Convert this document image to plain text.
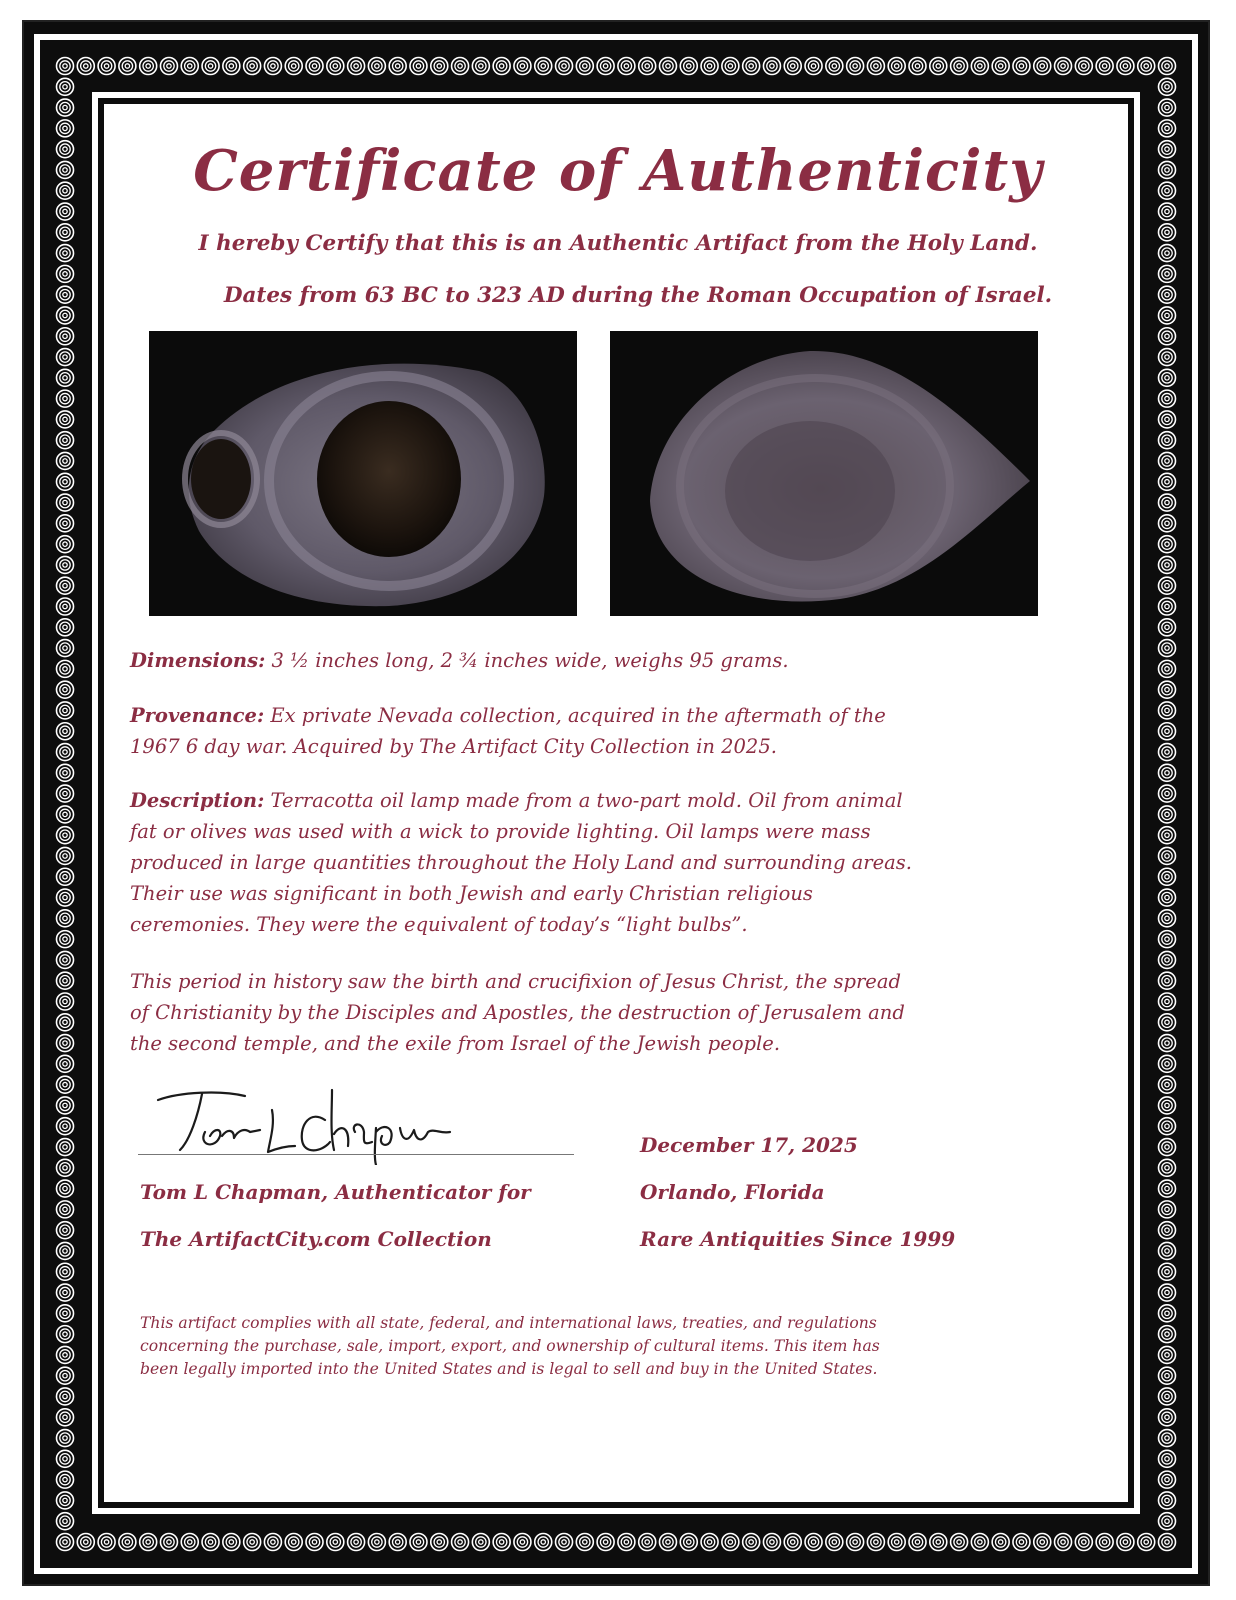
Certificate of Authenticity
I hereby Certify that this is an Authentic Artifact from the Holy Land.
Dates from 63 BC to 323 AD during the Roman Occupation of Israel.
Dimensions: 3 ½ inches long, 2 ¾ inches wide, weighs 95 grams.
Provenance: Ex private Nevada collection, acquired in the aftermath of the
1967 6 day war. Acquired by The Artifact City Collection in 2025.
Description: Terracotta oil lamp made from a two-part mold. Oil from animal
fat or olives was used with a wick to provide lighting. Oil lamps were mass
produced in large quantities throughout the Holy Land and surrounding areas.
Their use was significant in both Jewish and early Christian religious
ceremonies. They were the equivalent of today’s “light bulbs”.
This period in history saw the birth and crucifixion of Jesus Christ, the spread
of Christianity by the Disciples and Apostles, the destruction of Jerusalem and
the second temple, and the exile from Israel of the Jewish people.
Tom L Chapman, Authenticator for
The ArtifactCity.com Collection
December 17, 2025
Orlando, Florida
Rare Antiquities Since 1999
This artifact complies with all state, federal, and international laws, treaties, and regulations
concerning the purchase, sale, import, export, and ownership of cultural items. This item has
been legally imported into the United States and is legal to sell and buy in the United States.
